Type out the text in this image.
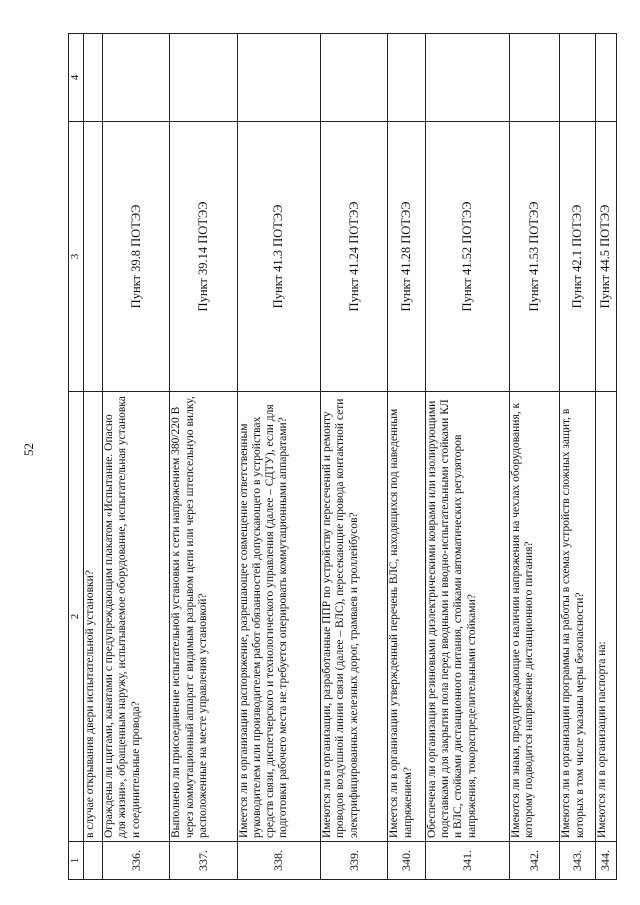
52
1	2	3	4
	в случае открывания двери испытательной установки?		
336.	Ограждены ли щитами, канатами с предупреждающим плакатом «Испытание. Опасно для жизни», обращенным наружу, испытываемое оборудование, испытательная установка и соединительные провода?	Пункт 39.8 ПОТЭЭ	
337.	Выполнено ли присоединение испытательной установки к сети напряжением 380/220 В через коммутационный аппарат с видимым разрывом цепи или через штепсельную вилку, расположенные на месте управления установкой?	Пункт 39.14 ПОТЭЭ	
338.	Имеется ли в организации распоряжение, разрешающее совмещение ответственным руководителем или производителем работ обязанностей допускающего в устройствах средств связи, диспетчерского и технологического управления (далее – СДТУ), если для подготовки рабочего места не требуется оперировать коммутационными аппаратами?	Пункт 41.3 ПОТЭЭ	
339.	Имеются ли в организации, разработанные ППР по устройству пересечений и ремонту проводов воздушной линии связи (далее – ВЛС), пересекающие провода контактной сети электрифицированных железных дорог, трамваев и троллейбусов?	Пункт 41.24 ПОТЭЭ	
340.	Имеется ли в организации утвержденный перечень ВЛС, находящихся под наведенным напряжением?	Пункт 41.28 ПОТЭЭ	
341.	Обеспечена ли организация резиновыми диэлектрическими коврами или изолирующими подставками для закрытия пола перед вводными и вводно-испытательными стойками КЛ и ВЛС, стойками дистанционного питания, стойками автоматических регуляторов напряжения, токораспределительными стойками?	Пункт 41.52 ПОТЭЭ	
342.	Имеются ли знаки, предупреждающие о наличии напряжения на чехлах оборудования, к которому подводится напряжение дистанционного питания?	Пункт 41.53 ПОТЭЭ	
343.	Имеются ли в организации программы на работы в схемах устройств сложных защит, в которых в том числе указаны меры безопасности?	Пункт 42.1 ПОТЭЭ	
344.	Имеются ли в организации паспорта на:	Пункт 44.5 ПОТЭЭ	
